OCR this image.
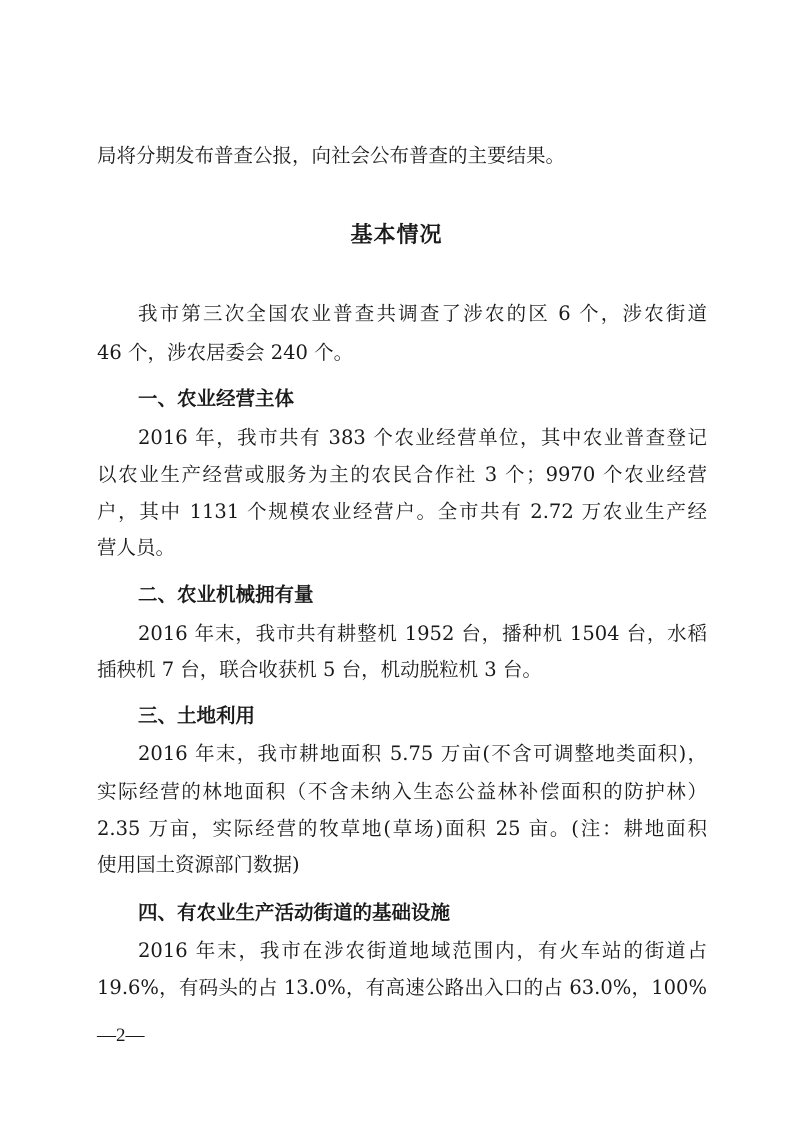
局将分期发布普查公报，向社会公布普查的主要结果。
基本情况
我市第三次全国农业普查共调查了涉农的区 6 个，涉农街道
46 个，涉农居委会 240 个。
一、农业经营主体
2016 年，我市共有 383 个农业经营单位，其中农业普查登记
以农业生产经营或服务为主的农民合作社 3 个；9970 个农业经营
户，其中 1131 个规模农业经营户。全市共有 2.72 万农业生产经
营人员。
二、农业机械拥有量
2016 年末，我市共有耕整机 1952 台，播种机 1504 台，水稻
插秧机 7 台，联合收获机 5 台，机动脱粒机 3 台。
三、土地利用
2016 年末，我市耕地面积 5.75 万亩(不含可调整地类面积)，
实际经营的林地面积（不含未纳入生态公益林补偿面积的防护林）
2.35 万亩，实际经营的牧草地(草场)面积 25 亩。(注：耕地面积
使用国土资源部门数据)
四、有农业生产活动街道的基础设施
2016 年末，我市在涉农街道地域范围内，有火车站的街道占
19.6%，有码头的占 13.0%，有高速公路出入口的占 63.0%，100%
—2—
